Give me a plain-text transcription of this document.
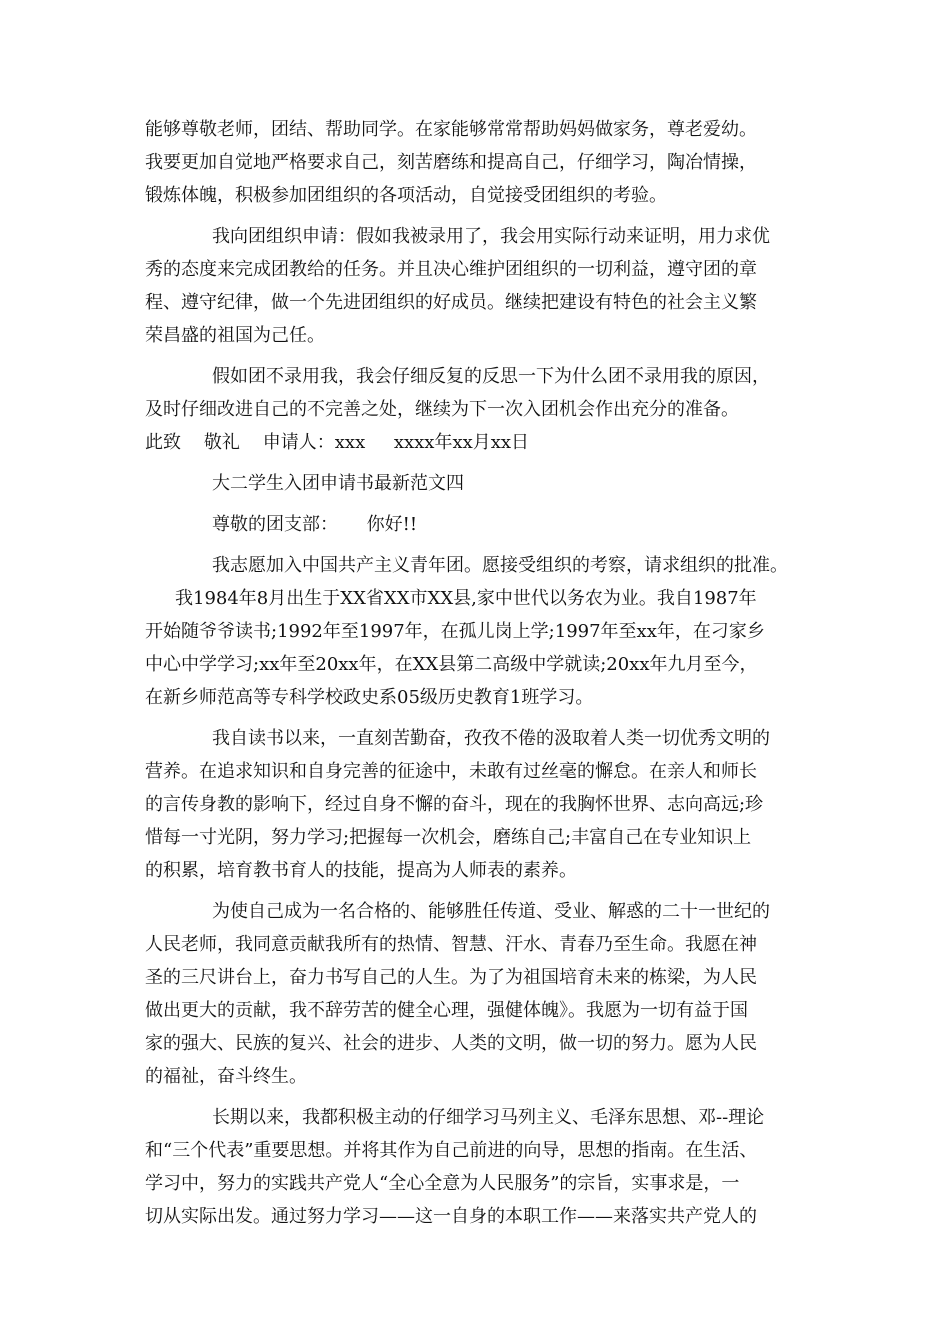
能够尊敬老师，团结、帮助同学。在家能够常常帮助妈妈做家务，尊老爱幼。
我要更加自觉地严格要求自己，刻苦磨练和提高自己，仔细学习，陶冶情操，
锻炼体魄，积极参加团组织的各项活动，自觉接受团组织的考验。
我向团组织申请：假如我被录用了，我会用实际行动来证明，用力求优
秀的态度来完成团教给的任务。并且决心维护团组织的一切利益，遵守团的章
程、遵守纪律，做一个先进团组织的好成员。继续把建设有特色的社会主义繁
荣昌盛的祖国为己任。
假如团不录用我，我会仔细反复的反思一下为什么团不录用我的原因，
及时仔细改进自己的不完善之处，继续为下一次入团机会作出充分的准备。
此致    敬礼    申请人：xxx     xxxx年xx月xx日
大二学生入团申请书最新范文四
尊敬的团支部：     你好!!
我志愿加入中国共产主义青年团。愿接受组织的考察，请求组织的批准。
我1984年8月出生于XX省XX市XX县,家中世代以务农为业。我自1987年
开始随爷爷读书;1992年至1997年，在孤儿岗上学;1997年至xx年，在刁家乡
中心中学学习;xx年至20xx年，在XX县第二高级中学就读;20xx年九月至今，
在新乡师范高等专科学校政史系05级历史教育1班学习。
我自读书以来，一直刻苦勤奋，孜孜不倦的汲取着人类一切优秀文明的
营养。在追求知识和自身完善的征途中，未敢有过丝毫的懈怠。在亲人和师长
的言传身教的影响下，经过自身不懈的奋斗，现在的我胸怀世界、志向高远;珍
惜每一寸光阴，努力学习;把握每一次机会，磨练自己;丰富自己在专业知识上
的积累，培育教书育人的技能，提高为人师表的素养。
为使自己成为一名合格的、能够胜任传道、受业、解惑的二十一世纪的
人民老师，我同意贡献我所有的热情、智慧、汗水、青春乃至生命。我愿在神
圣的三尺讲台上，奋力书写自己的人生。为了为祖国培育未来的栋梁，为人民
做出更大的贡献，我不辞劳苦的健全心理，强健体魄》。我愿为一切有益于国
家的强大、民族的复兴、社会的进步、人类的文明，做一切的努力。愿为人民
的福祉，奋斗终生。
长期以来，我都积极主动的仔细学习马列主义、毛泽东思想、邓--理论
和“三个代表”重要思想。并将其作为自己前进的向导，思想的指南。在生活、
学习中，努力的实践共产党人“全心全意为人民服务”的宗旨，实事求是，一
切从实际出发。通过努力学习——这一自身的本职工作——来落实共产党人的
